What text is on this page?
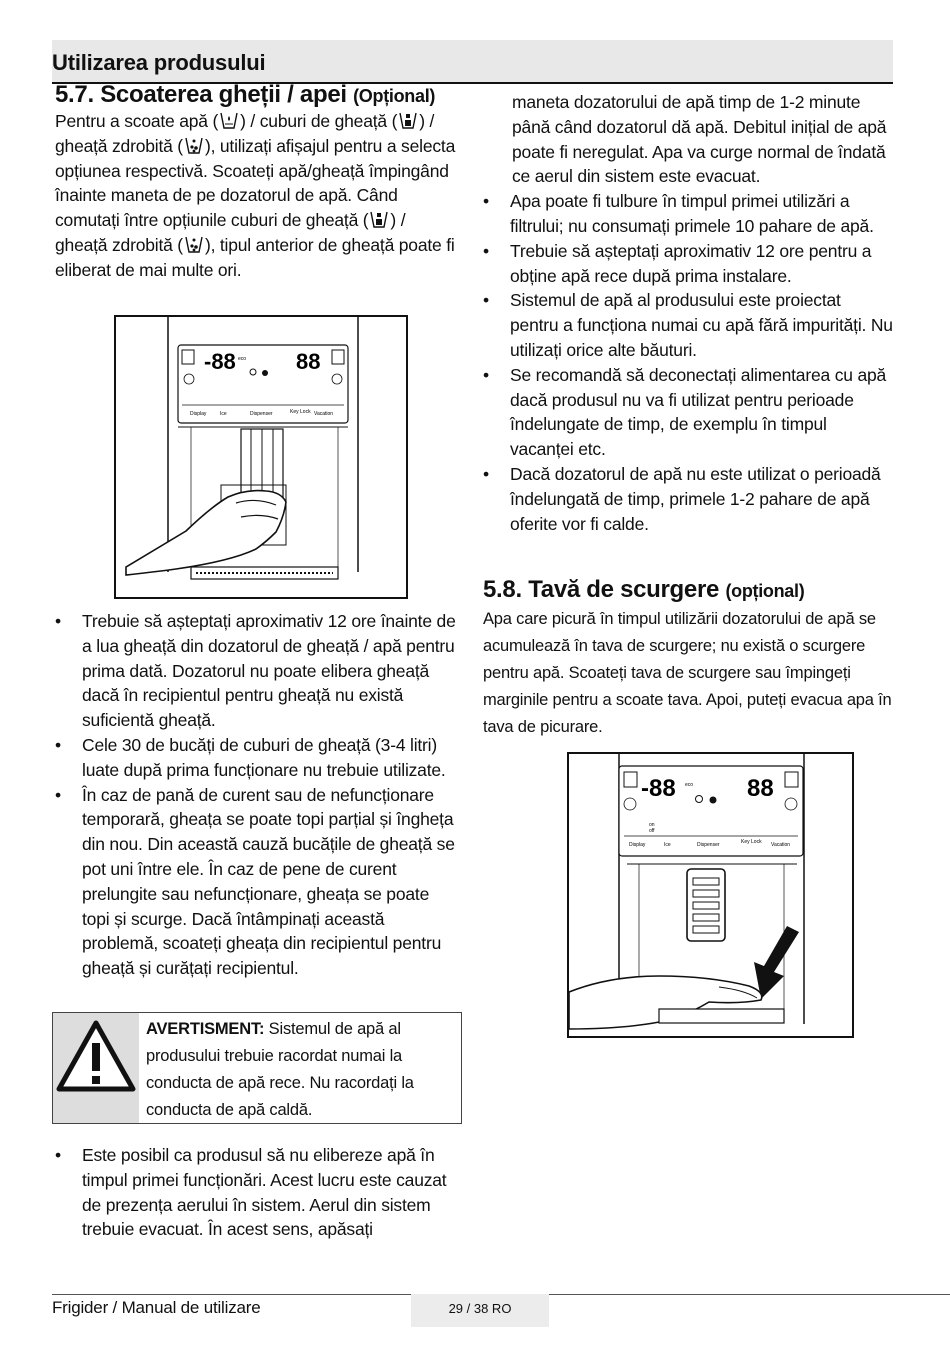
Utilizarea produsului
5.7. Scoaterea gheții / apei (Opțional)

Pentru a scoate apă ( ) / cuburi de gheață ( ) / gheață zdrobită ( ), utilizați afișajul pentru a selecta opțiunea respectivă. Scoateți apă/gheață împingând înainte maneta de pe dozatorul de apă. Când comutați între opțiunile cuburi de gheață ( ) / gheață zdrobită ( ), tipul anterior de gheață poate fi eliberat de mai multe ori.

-88	88
eco
Display	Ice	Dispenser	Key Lock Vacation
• Trebuie să așteptați aproximativ 12 ore înainte de a lua gheață din dozatorul de gheață / apă pentru prima dată. Dozatorul nu poate elibera gheață dacă în recipientul pentru gheață nu există suficientă gheață.
• Cele 30 de bucăți de cuburi de gheață (3-4 litri) luate după prima funcționare nu trebuie utilizate.
• În caz de pană de curent sau de nefuncționare temporară, gheața se poate topi parțial și îngheța din nou. Din această cauză bucățile de gheață se pot uni între ele. În caz de pene de curent prelungite sau nefuncționare, gheața se poate topi și scurge. Dacă întâmpinați această problemă, scoateți gheața din recipientul pentru gheață și curățați recipientul.
AVERTISMENT: Sistemul de apă al produsului trebuie racordat numai la conducta de apă rece. Nu racordați la conducta de apă caldă.
• Este posibil ca produsul să nu elibereze apă în timpul primei funcționări. Acest lucru este cauzat de prezența aerului în sistem. Aerul din sistem trebuie evacuat. În acest sens, apăsați
maneta dozatorului de apă timp de 1-2 minute până când dozatorul dă apă. Debitul inițial de apă poate fi neregulat. Apa va curge normal de îndată ce aerul din sistem este evacuat.
• Apa poate fi tulbure în timpul primei utilizări a filtrului; nu consumați primele 10 pahare de apă.
• Trebuie să așteptați aproximativ 12 ore pentru a obține apă rece după prima instalare.
• Sistemul de apă al produsului este proiectat pentru a funcționa numai cu apă fără impurități. Nu utilizați orice alte băuturi.
• Se recomandă să deconectați alimentarea cu apă dacă produsul nu va fi utilizat pentru perioade îndelungate de timp, de exemplu în timpul vacanței etc.
• Dacă dozatorul de apă nu este utilizat o perioadă îndelungată de timp, primele 1-2 pahare de apă oferite vor fi calde.
5.8. Tavă de scurgere (opțional)

Apa care picură în timpul utilizării dozatorului de apă se acumulează în tava de scurgere; nu există o scurgere pentru apă. Scoateți tava de scurgere sau împingeți marginile pentru a scoate tava. Apoi, puteți evacua apa în tava de picurare.

-88	88
eco
on
off
Display	Ice	Dispenser	Key Lock Vacation
Frigider / Manual de utilizare	29 / 38 RO
